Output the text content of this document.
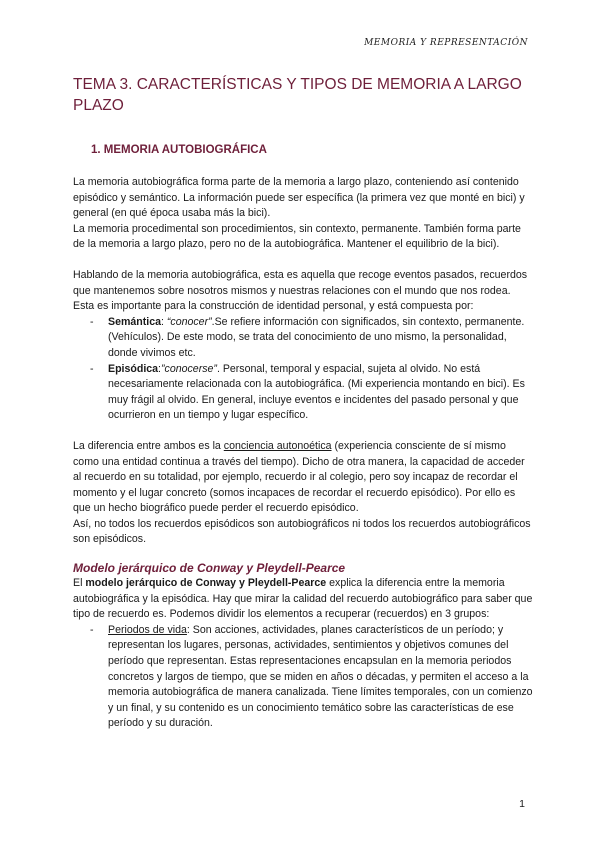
MEMORIA Y REPRESENTACIÓN
TEMA 3. CARACTERÍSTICAS Y TIPOS DE MEMORIA A LARGO PLAZO
1. MEMORIA AUTOBIOGRÁFICA

La memoria autobiográfica forma parte de la memoria a largo plazo, conteniendo así contenido episódico y semántico. La información puede ser específica (la primera vez que monté en bici) y general (en qué época usaba más la bici).

La memoria procedimental son procedimientos, sin contexto, permanente. También forma parte de la memoria a largo plazo, pero no de la autobiográfica. Mantener el equilibrio de la bici).

Hablando de la memoria autobiográfica, esta es aquella que recoge eventos pasados, recuerdos que mantenemos sobre nosotros mismos y nuestras relaciones con el mundo que nos rodea. Esta es importante para la construcción de identidad personal, y está compuesta por:

- Semántica: “conocer”.Se refiere información con significados, sin contexto, permanente. (Vehículos). De este modo, se trata del conocimiento de uno mismo, la personalidad, donde vivimos etc.
- Episódica:”conocerse”. Personal, temporal y espacial, sujeta al olvido. No está necesariamente relacionada con la autobiográfica. (Mi experiencia montando en bici). Es muy frágil al olvido. En general, incluye eventos e incidentes del pasado personal y que ocurrieron en un tiempo y lugar específico.

La diferencia entre ambos es la conciencia autonoética (experiencia consciente de sí mismo como una entidad continua a través del tiempo). Dicho de otra manera, la capacidad de acceder al recuerdo en su totalidad, por ejemplo, recuerdo ir al colegio, pero soy incapaz de recordar el momento y el lugar concreto (somos incapaces de recordar el recuerdo episódico). Por ello es que un hecho biográfico puede perder el recuerdo episódico.

Así, no todos los recuerdos episódicos son autobiográficos ni todos los recuerdos autobiográficos son episódicos.

Modelo jerárquico de Conway y Pleydell-Pearce

El modelo jerárquico de Conway y Pleydell-Pearce explica la diferencia entre la memoria autobiográfica y la episódica. Hay que mirar la calidad del recuerdo autobiográfico para saber que tipo de recuerdo es. Podemos dividir los elementos a recuperar (recuerdos) en 3 grupos:

- Periodos de vida: Son acciones, actividades, planes característicos de un período; y representan los lugares, personas, actividades, sentimientos y objetivos comunes del período que representan. Estas representaciones encapsulan en la memoria periodos concretos y largos de tiempo, que se miden en años o décadas, y permiten el acceso a la memoria autobiográfica de manera canalizada. Tiene límites temporales, con un comienzo y un final, y su contenido es un conocimiento temático sobre las características de ese período y su duración.
1
